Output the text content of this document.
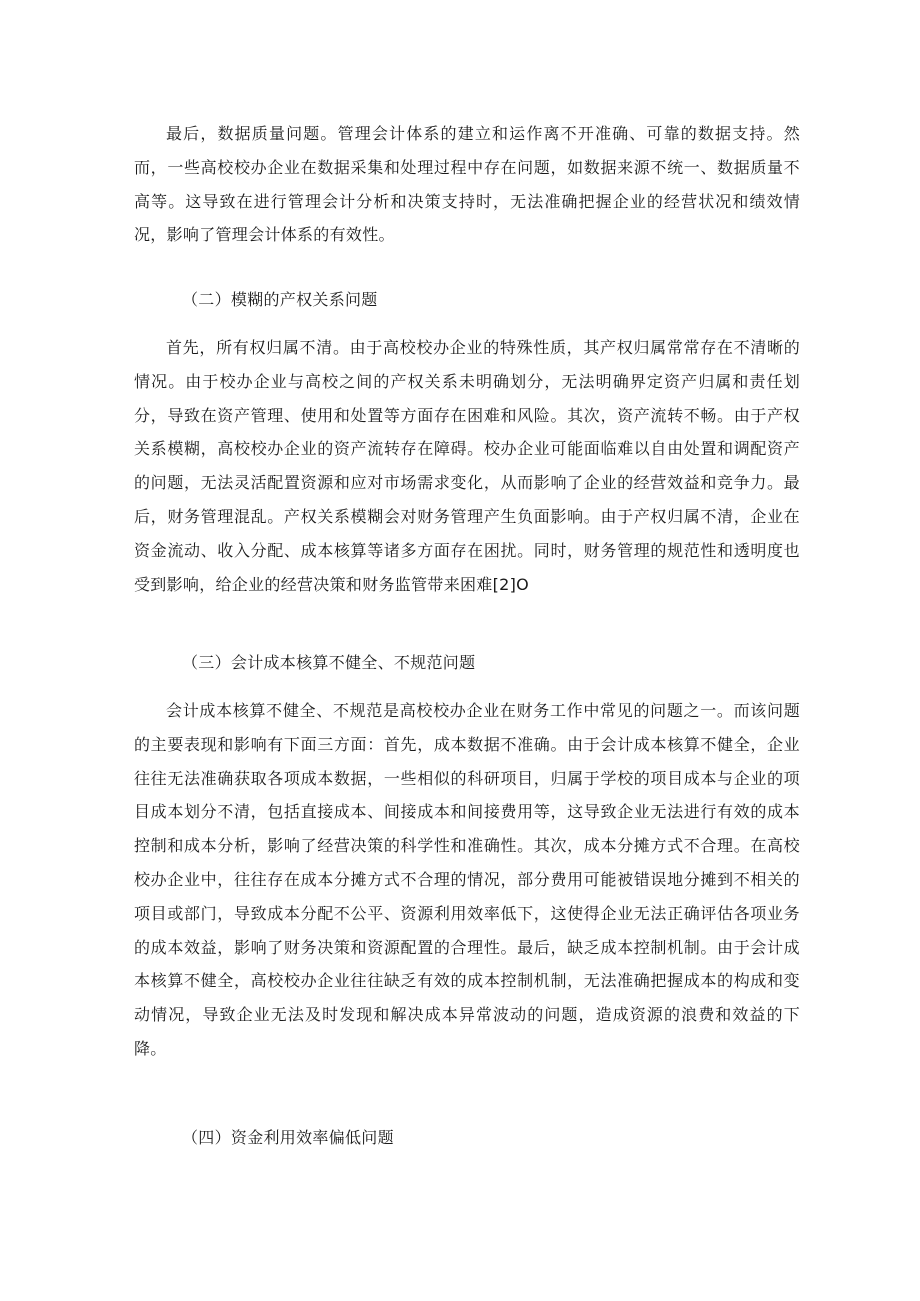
最后，数据质量问题。管理会计体系的建立和运作离不开准确、可靠的数据支持。然而，一些高校校办企业在数据采集和处理过程中存在问题，如数据来源不统一、数据质量不高等。这导致在进行管理会计分析和决策支持时，无法准确把握企业的经营状况和绩效情况，影响了管理会计体系的有效性。

（二）模糊的产权关系问题

首先，所有权归属不清。由于高校校办企业的特殊性质，其产权归属常常存在不清晰的情况。由于校办企业与高校之间的产权关系未明确划分，无法明确界定资产归属和责任划分，导致在资产管理、使用和处置等方面存在困难和风险。其次，资产流转不畅。由于产权关系模糊，高校校办企业的资产流转存在障碍。校办企业可能面临难以自由处置和调配资产的问题，无法灵活配置资源和应对市场需求变化，从而影响了企业的经营效益和竞争力。最后，财务管理混乱。产权关系模糊会对财务管理产生负面影响。由于产权归属不清，企业在资金流动、收入分配、成本核算等诸多方面存在困扰。同时，财务管理的规范性和透明度也受到影响，给企业的经营决策和财务监管带来困难[2]O

（三）会计成本核算不健全、不规范问题

会计成本核算不健全、不规范是高校校办企业在财务工作中常见的问题之一。而该问题的主要表现和影响有下面三方面：首先，成本数据不准确。由于会计成本核算不健全，企业往往无法准确获取各项成本数据，一些相似的科研项目，归属于学校的项目成本与企业的项目成本划分不清，包括直接成本、间接成本和间接费用等，这导致企业无法进行有效的成本控制和成本分析，影响了经营决策的科学性和准确性。其次，成本分摊方式不合理。在高校校办企业中，往往存在成本分摊方式不合理的情况，部分费用可能被错误地分摊到不相关的项目或部门，导致成本分配不公平、资源利用效率低下，这使得企业无法正确评估各项业务的成本效益，影响了财务决策和资源配置的合理性。最后，缺乏成本控制机制。由于会计成本核算不健全，高校校办企业往往缺乏有效的成本控制机制，无法准确把握成本的构成和变动情况，导致企业无法及时发现和解决成本异常波动的问题，造成资源的浪费和效益的下降。

（四）资金利用效率偏低问题
